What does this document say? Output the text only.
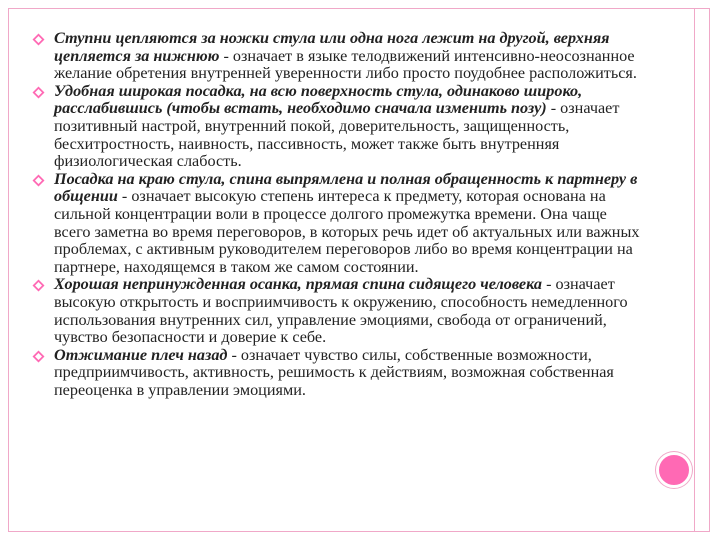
Ступни цепляются за ножки стула или одна нога лежит на другой, верхняя цепляется за нижнюю - означает в языке телодвижений интенсивно-неосознанное желание обретения внутренней уверенности либо просто поудобнее расположиться.
Удобная широкая посадка, на всю поверхность стула, одинаково широко, расслабившись (чтобы встать, необходимо сначала изменить позу) - означает позитивный настрой, внутренний покой, доверительность, защищенность, бесхитростность, наивность, пассивность, может также быть внутренняя физиологическая слабость.
Посадка на краю стула, спина выпрямлена и полная обращенность к партнеру в общении - означает высокую степень интереса к предмету, которая основана на сильной концентрации воли в процессе долгого промежутка времени. Она чаще всего заметна во время переговоров, в которых речь идет об актуальных или важных проблемах, с активным руководителем переговоров либо во время концентрации на партнере, находящемся в таком же самом состоянии.
Хорошая непринужденная осанка, прямая спина сидящего человека - означает высокую открытость и восприимчивость к окружению, способность немедленного использования внутренних сил, управление эмоциями, свобода от ограничений, чувство безопасности и доверие к себе.
Отжимание плеч назад - означает чувство силы, собственные возможности, предприимчивость, активность, решимость к действиям, возможная собственная переоценка в управлении эмоциями.
